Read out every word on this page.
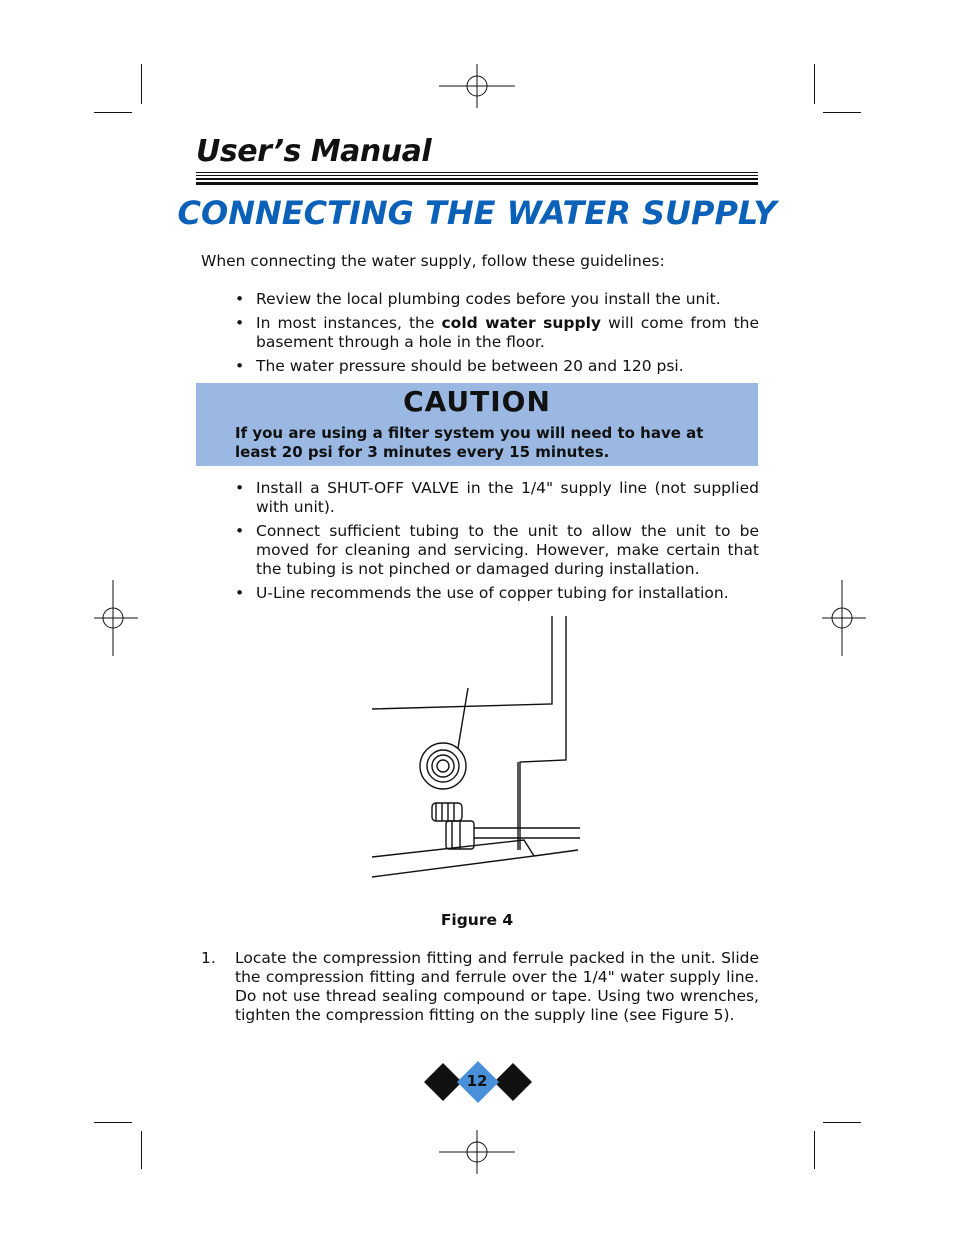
User’s Manual
CONNECTING THE WATER SUPPLY
When connecting the water supply, follow these guidelines:
• Review the local plumbing codes before you install the unit.
• In most instances, the cold water supply will come from the basement through a hole in the floor.
• The water pressure should be between 20 and 120 psi.
CAUTION
If you are using a filter system you will need to have at least 20 psi for 3 minutes every 15 minutes.
• Install a SHUT-OFF VALVE in the 1/4" supply line (not supplied with unit).
• Connect sufficient tubing to the unit to allow the unit to be moved for cleaning and servicing. However, make certain that the tubing is not pinched or damaged during installation.
• U-Line recommends the use of copper tubing for installation.
Figure 4
1. Locate the compression fitting and ferrule packed in the unit. Slide the compression fitting and ferrule over the 1/4" water supply line. Do not use thread sealing compound or tape. Using two wrenches, tighten the compression fitting on the supply line (see Figure 5).
12
